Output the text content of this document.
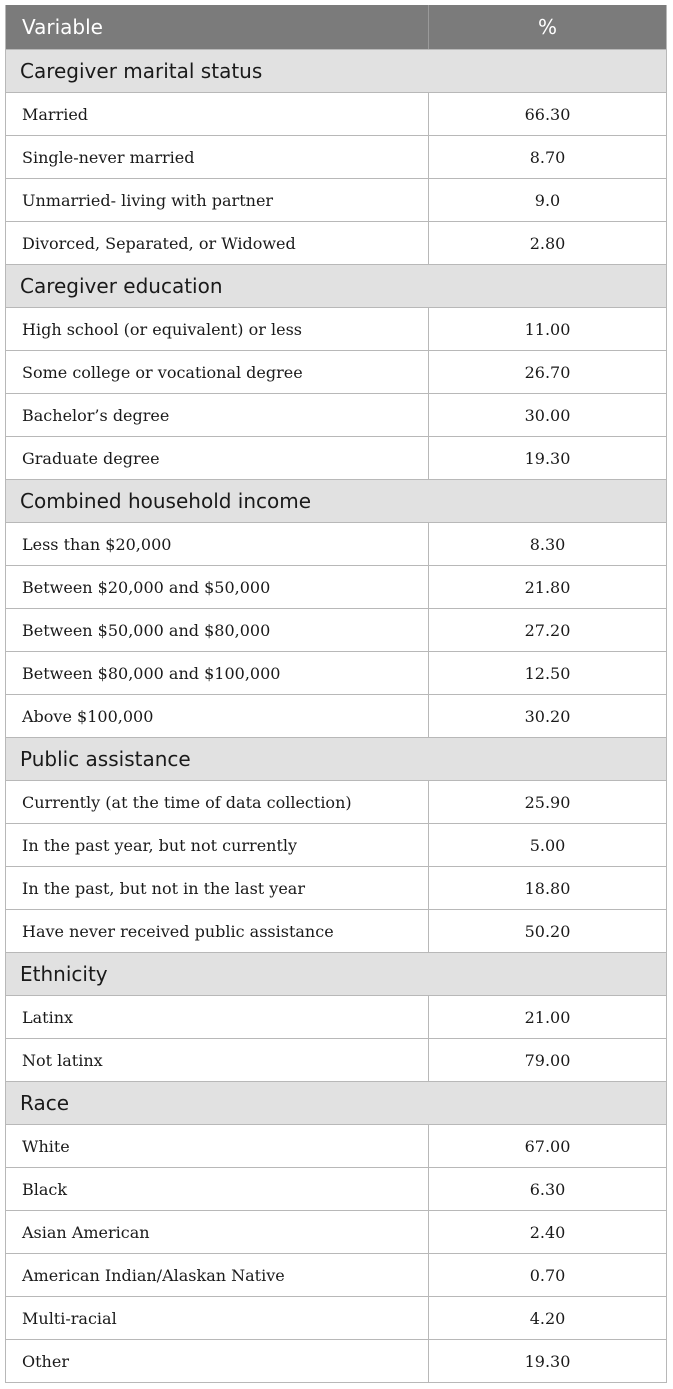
Variable	%
Caregiver marital status
Married	66.30
Single-never married	8.70
Unmarried- living with partner	9.0
Divorced, Separated, or Widowed	2.80
Caregiver education
High school (or equivalent) or less	11.00
Some college or vocational degree	26.70
Bachelor’s degree	30.00
Graduate degree	19.30
Combined household income
Less than $20,000	8.30
Between $20,000 and $50,000	21.80
Between $50,000 and $80,000	27.20
Between $80,000 and $100,000	12.50
Above $100,000	30.20
Public assistance
Currently (at the time of data collection)	25.90
In the past year, but not currently	5.00
In the past, but not in the last year	18.80
Have never received public assistance	50.20
Ethnicity
Latinx	21.00
Not latinx	79.00
Race
White	67.00
Black	6.30
Asian American	2.40
American Indian/Alaskan Native	0.70
Multi-racial	4.20
Other	19.30
